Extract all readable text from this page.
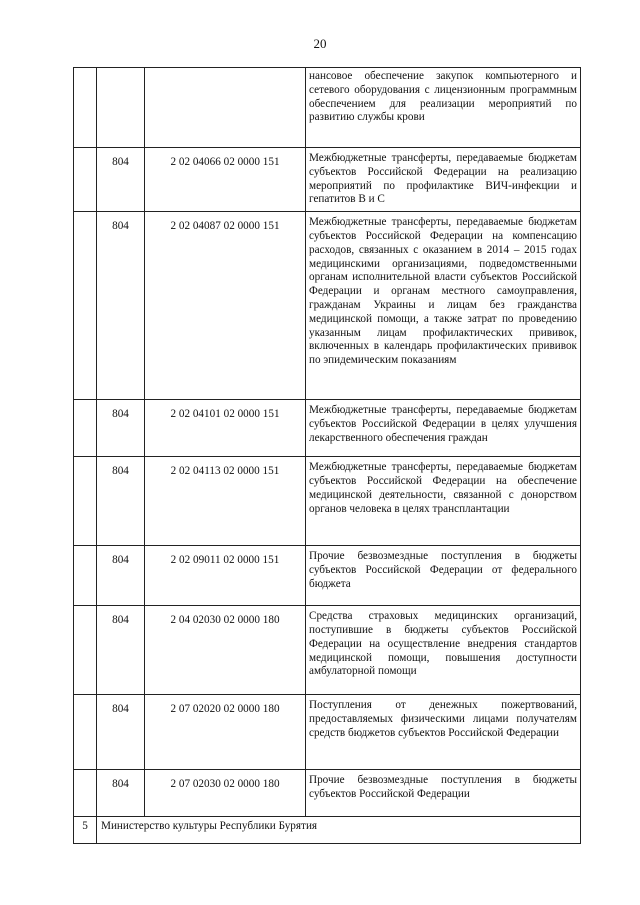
20
			нансовое обеспечение закупок компьютерного и сетевого оборудования с лицензионным программным обеспечением для реализации мероприятий по развитию службы крови
	804	2 02 04066 02 0000 151	Межбюджетные трансферты, передаваемые бюджетам субъектов Российской Федерации на реализацию мероприятий по профилактике ВИЧ-инфекции и гепатитов В и С
	804	2 02 04087 02 0000 151	Межбюджетные трансферты, передаваемые бюджетам субъектов Российской Федерации на компенсацию расходов, связанных с оказанием в 2014 – 2015 годах медицинскими организациями, подведомственными органам исполнительной власти субъектов Российской Федерации и органам местного самоуправления, гражданам Украины и лицам без гражданства медицинской помощи, а также затрат по проведению указанным лицам профилактических прививок, включенных в календарь профилактических прививок по эпидемическим показаниям
	804	2 02 04101 02 0000 151	Межбюджетные трансферты, передаваемые бюджетам субъектов Российской Федерации в целях улучшения лекарственного обеспечения граждан
	804	2 02 04113 02 0000 151	Межбюджетные трансферты, передаваемые бюджетам субъектов Российской Федерации на обеспечение медицинской деятельности, связанной с донорством органов человека в целях трансплантации
	804	2 02 09011 02 0000 151	Прочие безвозмездные поступления в бюджеты субъектов Российской Федерации от федерального бюджета
	804	2 04 02030 02 0000 180	Средства страховых медицинских организаций, поступившие в бюджеты субъектов Российской Федерации на осуществление внедрения стандартов медицинской помощи, повышения доступности амбулаторной помощи
	804	2 07 02020 02 0000 180	Поступления от денежных пожертвований, предоставляемых физическими лицами получателям средств бюджетов субъектов Российской Федерации
	804	2 07 02030 02 0000 180	Прочие безвозмездные поступления в бюджеты субъектов Российской Федерации
5	Министерство культуры Республики Бурятия		
